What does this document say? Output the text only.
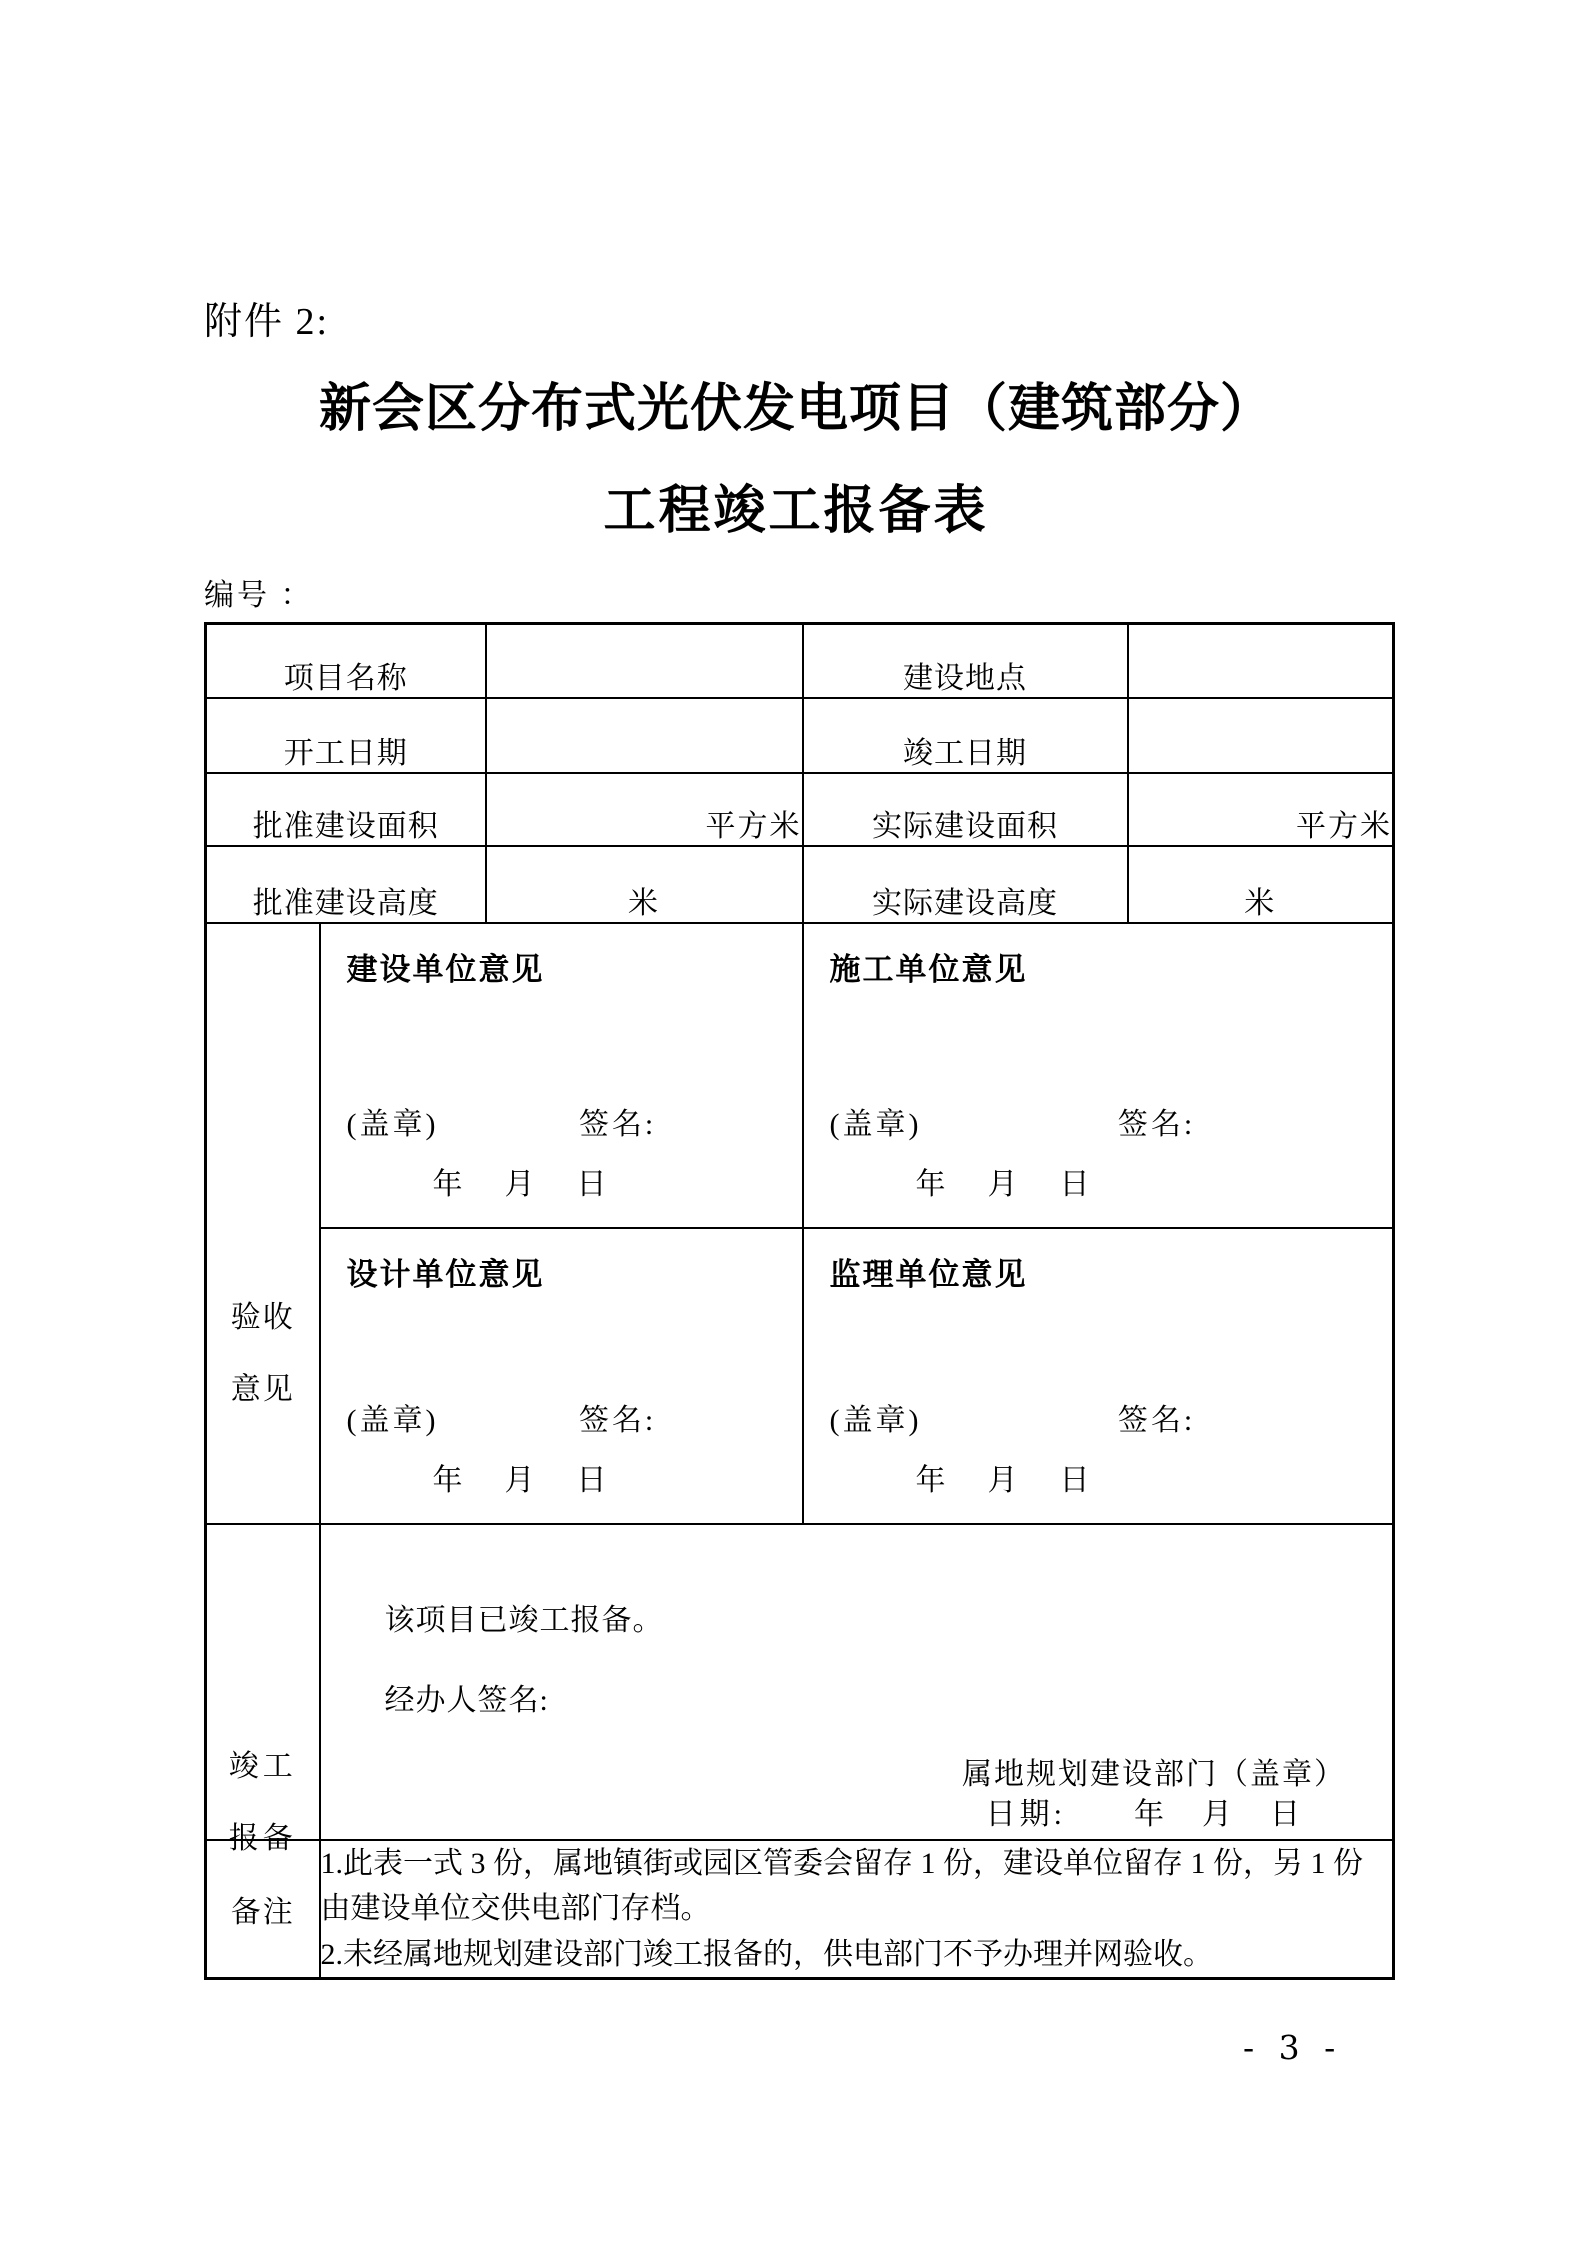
附件 2:
新会区分布式光伏发电项目（建筑部分）
工程竣工报备表
编号 ：
项目名称			建设地点	
开工日期			竣工日期	
批准建设面积		平方米	实际建设面积	平方米
批准建设高度		米	实际建设高度	米

验收
意见

建设单位意见
(盖章)	签名:
年　月　日

施工单位意见
(盖章)	签名:
年　月　日

设计单位意见
(盖章)	签名:
年　月　日

监理单位意见
(盖章)	签名:
年　月　日

竣工
报备

该项目已竣工报备。
经办人签名:
属地规划建设部门（盖章）
日期:　　年　月　日

备注	1.此表一式 3 份，属地镇街或园区管委会留存 1 份，建设单位留存 1 份，另 1 份由建设单位交供电部门存档。
2.未经属地规划建设部门竣工报备的，供电部门不予办理并网验收。			
- 3 -
